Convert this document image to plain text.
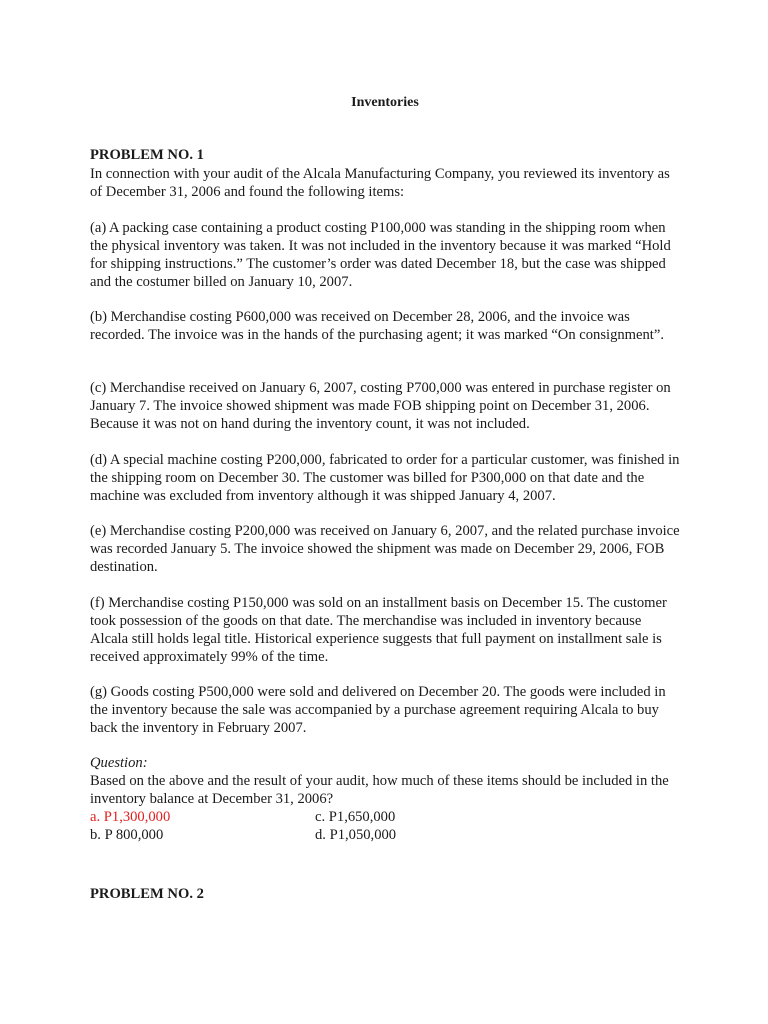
Inventories
PROBLEM NO. 1

In connection with your audit of the Alcala Manufacturing Company, you reviewed its inventory as of December 31, 2006 and found the following items:

(a) A packing case containing a product costing P100,000 was standing in the shipping room when the physical inventory was taken. It was not included in the inventory because it was marked “Hold for shipping instructions.” The customer’s order was dated December 18, but the case was shipped and the costumer billed on January 10, 2007.

(b) Merchandise costing P600,000 was received on December 28, 2006, and the invoice was recorded. The invoice was in the hands of the purchasing agent; it was marked “On consignment”.

(c) Merchandise received on January 6, 2007, costing P700,000 was entered in purchase register on January 7. The invoice showed shipment was made FOB shipping point on December 31, 2006. Because it was not on hand during the inventory count, it was not included.

(d) A special machine costing P200,000, fabricated to order for a particular customer, was finished in the shipping room on December 30. The customer was billed for P300,000 on that date and the machine was excluded from inventory although it was shipped January 4, 2007.

(e) Merchandise costing P200,000 was received on January 6, 2007, and the related purchase invoice was recorded January 5. The invoice showed the shipment was made on December 29, 2006, FOB destination.

(f) Merchandise costing P150,000 was sold on an installment basis on December 15. The customer took possession of the goods on that date. The merchandise was included in inventory because Alcala still holds legal title. Historical experience suggests that full payment on installment sale is received approximately 99% of the time.

(g) Goods costing P500,000 were sold and delivered on December 20. The goods were included in the inventory because the sale was accompanied by a purchase agreement requiring Alcala to buy back the inventory in February 2007.

Question:

Based on the above and the result of your audit, how much of these items should be included in the inventory balance at December 31, 2006?

a. P1,300,000	c. P1,650,000
b. P 800,000	d. P1,050,000
PROBLEM NO. 2
